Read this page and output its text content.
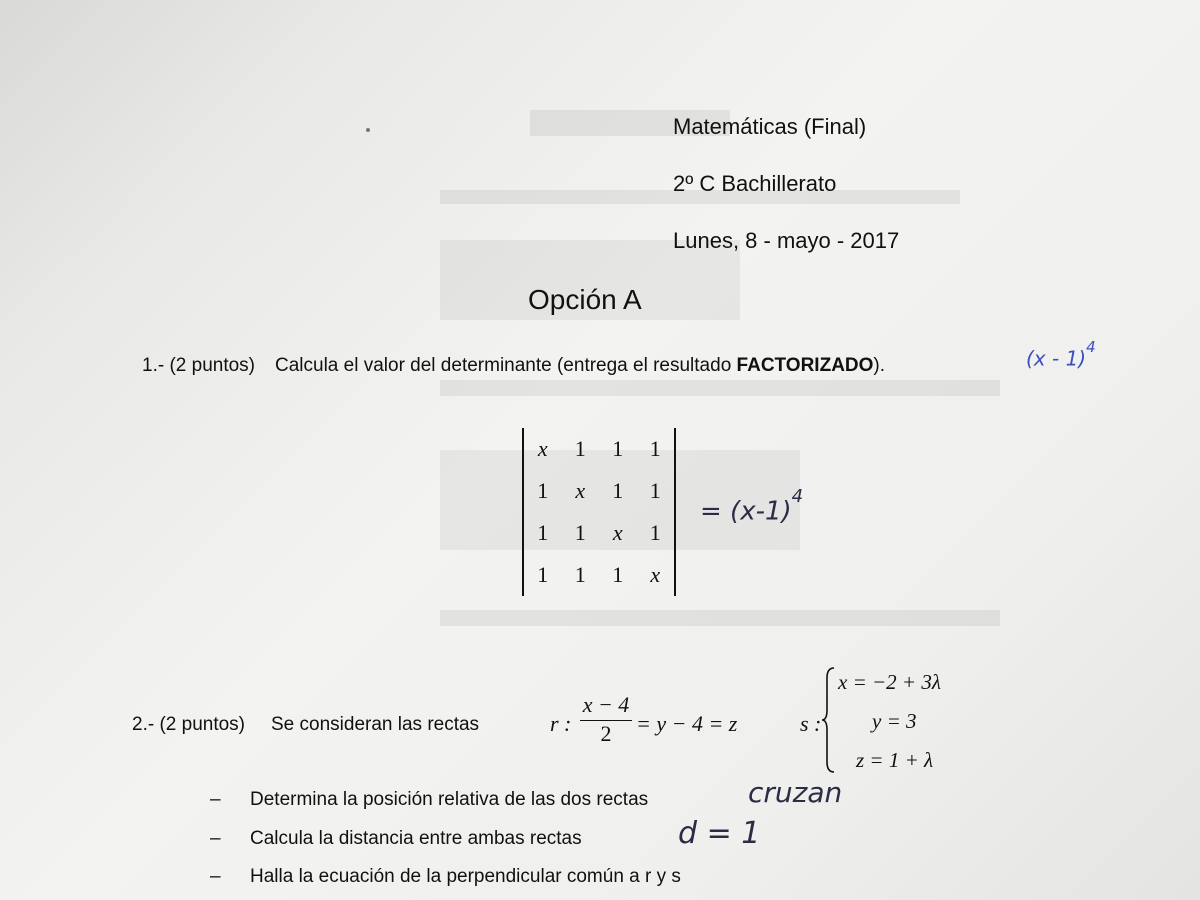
Matemáticas (Final)
2º C Bachillerato
Lunes, 8 - mayo - 2017
Opción A
1.- (2 puntos) Calcula el valor del determinante (entrega el resultado FACTORIZADO).	(x - 1)$^4$
x	1	1	1
1	x	1	1
1	1	x	1
1	1	1	x
= $(x-1)^4$
2.- (2 puntos) Se consideran las rectas	r : $\frac{x - 4}{2} = y - 4 = z$	s :
x = −2 + 3λ
y = 3
z = 1 + λ
– Determina la posición relativa de las dos rectas	cruzan
– Calcula la distancia entre ambas rectas	d = 1
– Halla la ecuación de la perpendicular común a r y s
